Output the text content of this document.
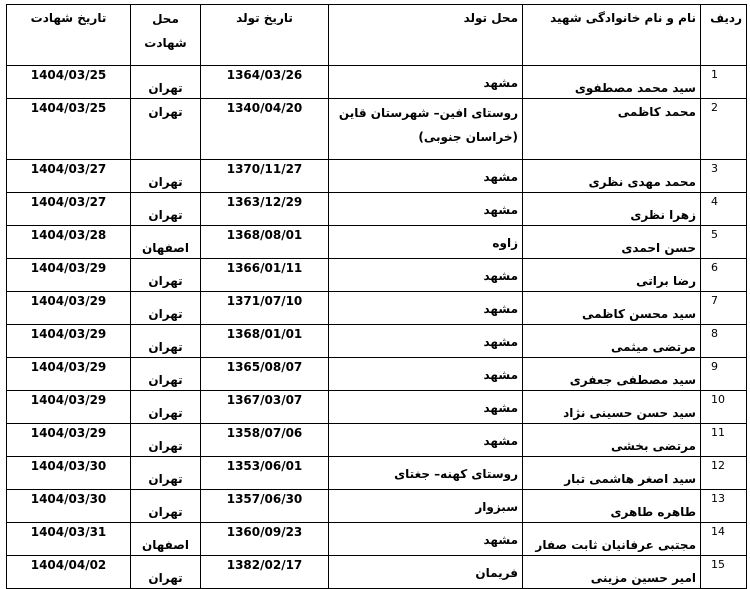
ردیف	نام و نام خانوادگی شهید	محل تولد	تاریخ تولد	محل شهادت	تاریخ شهادت
1	سید محمد مصطفوی	مشهد	1364/03/26	تهران	1404/03/25
2	محمد کاظمی	روستای افین– شهرستان قاین (خراسان جنوبی)	1340/04/20	تهران	1404/03/25
3	محمد مهدی نظری	مشهد	1370/11/27	تهران	1404/03/27
4	زهرا نظری	مشهد	1363/12/29	تهران	1404/03/27
5	حسن احمدی	زاوه	1368/08/01	اصفهان	1404/03/28
6	رضا براتی	مشهد	1366/01/11	تهران	1404/03/29
7	سید محسن کاظمی	مشهد	1371/07/10	تهران	1404/03/29
8	مرتضی میثمی	مشهد	1368/01/01	تهران	1404/03/29
9	سید مصطفی جعفری	مشهد	1365/08/07	تهران	1404/03/29
10	سید حسن حسینی نژاد	مشهد	1367/03/07	تهران	1404/03/29
11	مرتضی بخشی	مشهد	1358/07/06	تهران	1404/03/29
12	سید اصغر هاشمی تبار	روستای کهنه– جغتای	1353/06/01	تهران	1404/03/30
13	طاهره طاهری	سبزوار	1357/06/30	تهران	1404/03/30
14	مجتبی عرفانیان ثابت صفار	مشهد	1360/09/23	اصفهان	1404/03/31
15	امیر حسین مزینی	فریمان	1382/02/17	تهران	1404/04/02
